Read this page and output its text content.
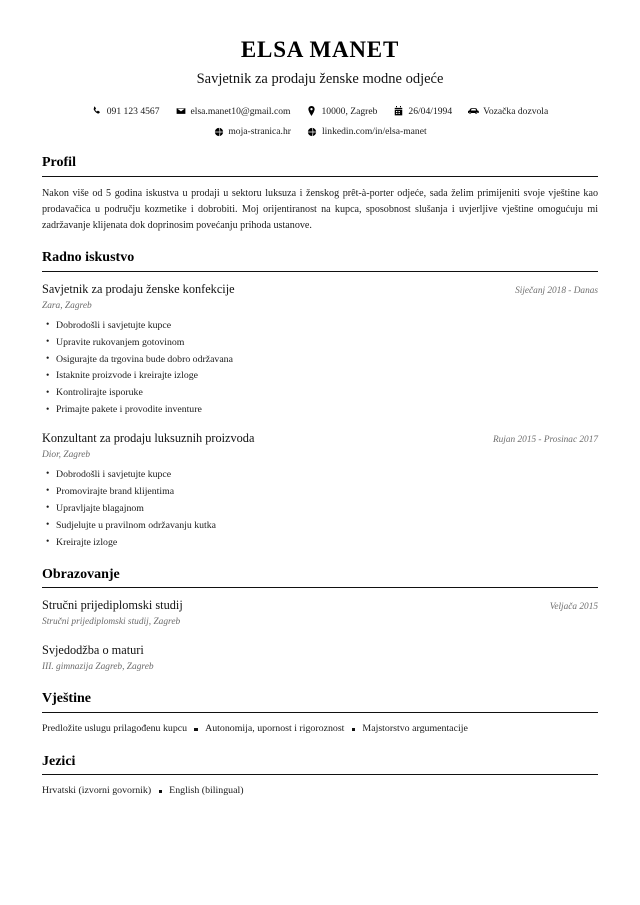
ELSA MANET
Savjetnik za prodaju ženske modne odjeće
091 123 4567	elsa.manet10@gmail.com	10000, Zagreb	26/04/1994	Vozačka dozvola
moja-stranica.hr	linkedin.com/in/elsa-manet
Profil

Nakon više od 5 godina iskustva u prodaji u sektoru luksuza i ženskog prêt-à-porter odjeće, sada želim primijeniti svoje vještine kao prodavačica u području kozmetike i dobrobiti. Moj orijentiranost na kupca, sposobnost slušanja i uvjerljive vještine omogućuju mi zadržavanje klijenata dok doprinosim povećanju prihoda ustanove.

Radno iskustvo
Savjetnik za prodaju ženske konfekcije	Siječanj 2018 - Danas
Zara, Zagreb
• Dobrodošli i savjetujte kupce
• Upravite rukovanjem gotovinom
• Osigurajte da trgovina bude dobro održavana
• Istaknite proizvode i kreirajte izloge
• Kontrolirajte isporuke
• Primajte pakete i provodite inventure
Konzultant za prodaju luksuznih proizvoda	Rujan 2015 - Prosinac 2017
Dior, Zagreb
• Dobrodošli i savjetujte kupce
• Promovirajte brand klijentima
• Upravljajte blagajnom
• Sudjelujte u pravilnom održavanju kutka
• Kreirajte izloge
Obrazovanje
Stručni prijediplomski studij	Veljača 2015
Stručni prijediplomski studij, Zagreb
Svjedodžba o maturi
III. gimnazija Zagreb, Zagreb
Vještine
Predložite uslugu prilagođenu kupcu Autonomija, upornost i rigoroznost Majstorstvo argumentacije
Jezici
Hrvatski (izvorni govornik) English (bilingual)
